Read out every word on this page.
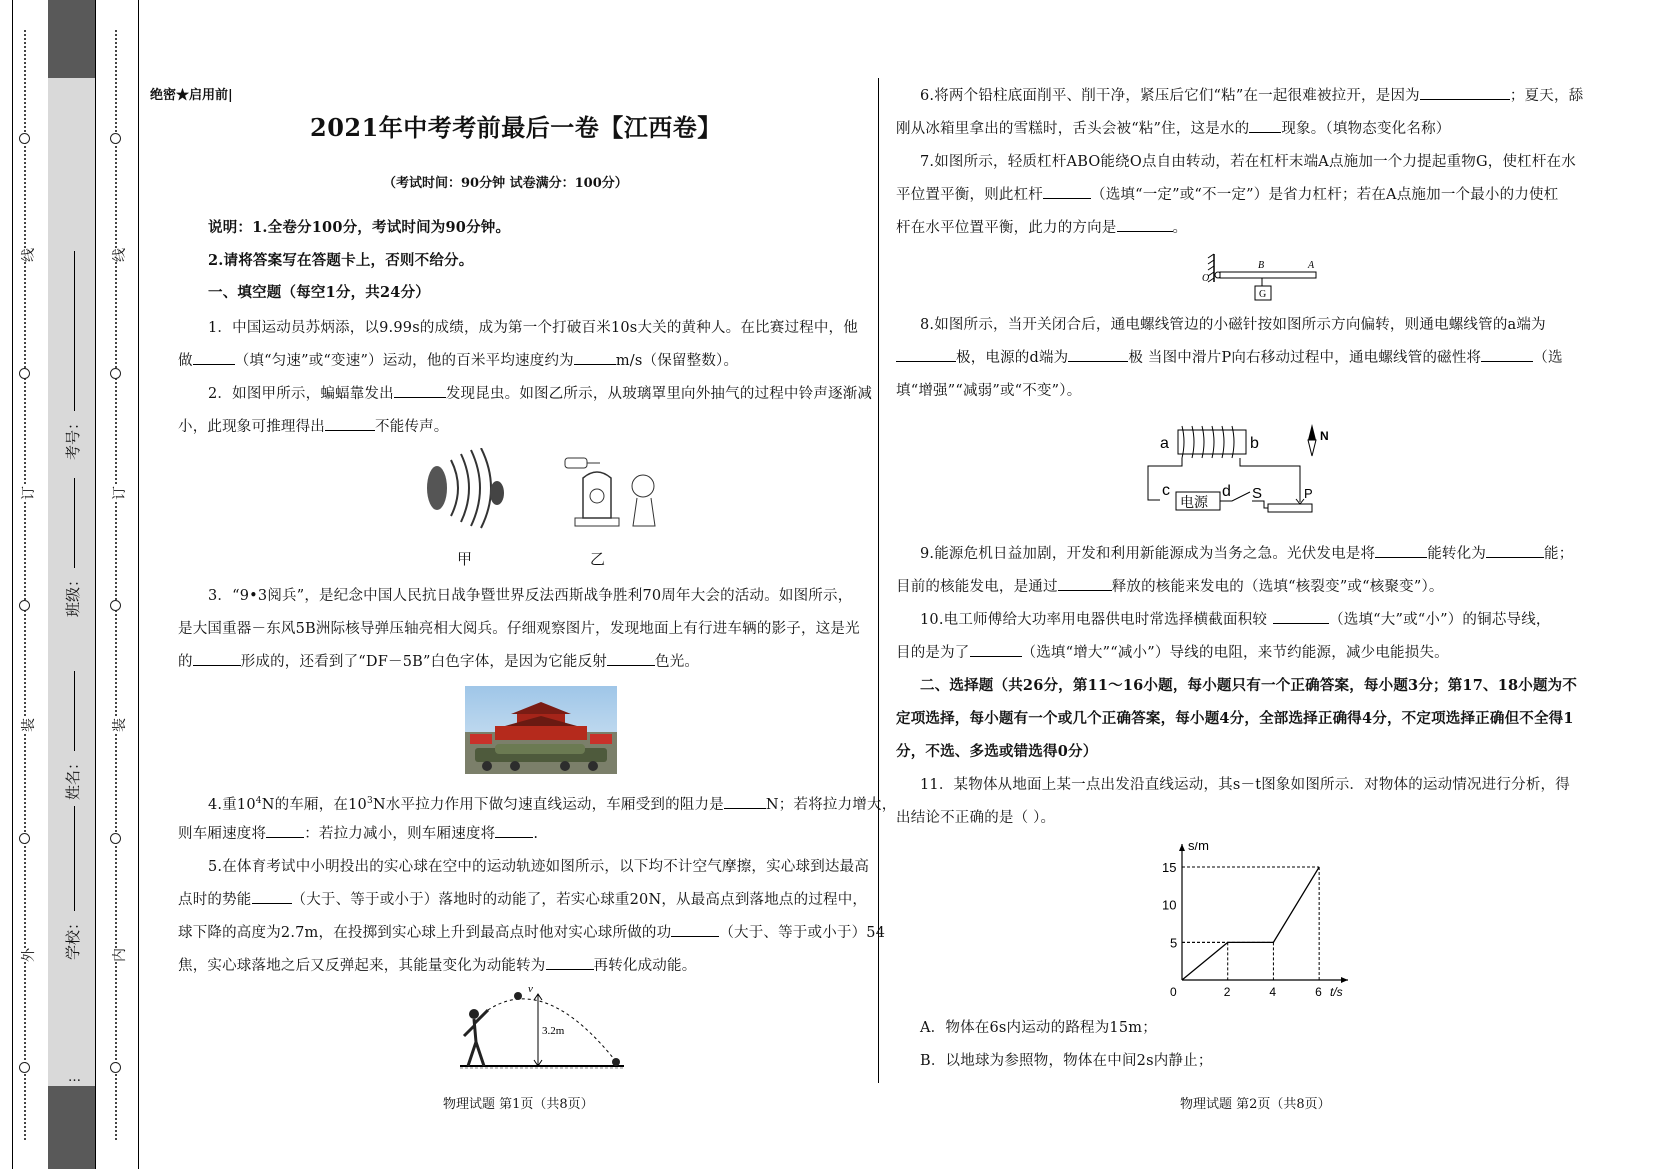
线
订
装
外
线
订
装
内
学校：
姓名：
班级：
考号：
…
绝密★启用前|
2021年中考考前最后一卷【江西卷】
（考试时间：90分钟 试卷满分：100分）
说明：1.全卷分100分，考试时间为90分钟。
2.请将答案写在答题卡上，否则不给分。
一、填空题（每空1分，共24分）
1．中国运动员苏炳添，以9.99s的成绩，成为第一个打破百米10s大关的黄种人。在比赛过程中，他
做	（填“匀速”或“变速”）运动，他的百米平均速度约为	m/s（保留整数）。
2．如图甲所示，蝙蝠靠发出	发现昆虫。如图乙所示，从玻璃罩里向外抽气的过程中铃声逐渐减
小，此现象可推理得出	不能传声。
甲	乙
3．“9•3阅兵”，是纪念中国人民抗日战争暨世界反法西斯战争胜利70周年大会的活动。如图所示，
是大国重器－东风5B洲际核导弹压轴亮相大阅兵。仔细观察图片，发现地面上有行进车辆的影子，这是光
的	形成的，还看到了“DF－5B”白色字体，是因为它能反射	色光。
4.重$10^4N$的车厢，在$10^3N$水平拉力作用下做匀速直线运动，车厢受到的阻力是	N；若将拉力增大，
则车厢速度将	：若拉力减小，则车厢速度将	.
5.在体育考试中小明投出的实心球在空中的运动轨迹如图所示，以下均不计空气摩擦，实心球到达最高
点时的势能	（大于、等于或小于）落地时的动能了，若实心球重20N，从最高点到落地点的过程中，
球下降的高度为2.7m，在投掷到实心球上升到最高点时他对实心球所做的功	（大于、等于或小于）54
焦，实心球落地之后又反弹起来，其能量变化为动能转为	再转化成动能。
v
3.2m
物理试题 第1页（共8页）
6.将两个铅柱底面削平、削干净，紧压后它们“粘”在一起很难被拉开，是因为	；夏天，舔
刚从冰箱里拿出的雪糕时，舌头会被“粘”住，这是水的 现象。（填物态变化名称）
7.如图所示，轻质杠杆ABO能绕O点自由转动，若在杠杆末端A点施加一个力提起重物G，使杠杆在水
平位置平衡，则此杠杆	（选填“一定”或“不一定”）是省力杠杆；若在A点施加一个最小的力使杠
杆在水平位置平衡，此力的方向是	。
O
B	A
G
8.如图所示，当开关闭合后，通电螺线管边的小磁针按如图所示方向偏转，则通电螺线管的a端为
极，电源的d端为	极 当图中滑片P向右移动过程中，通电螺线管的磁性将	（选
填“增强”“减弱”或“不变”）。
a	b
c	d S	P
N
电源
9.能源危机日益加剧，开发和利用新能源成为当务之急。光伏发电是将	能转化为	能；
目前的核能发电，是通过	释放的核能来发电的（选填“核裂变”或“核聚变”）。
10.电工师傅给大功率用电器供电时常选择横截面积较	（选填“大”或“小”）的铜芯导线，
目的是为了	（选填“增大”“减小”）导线的电阻，来节约能源，减少电能损失。
二、选择题（共26分，第11～16小题，每小题只有一个正确答案，每小题3分；第17、18小题为不
定项选择，每小题有一个或几个正确答案，每小题4分，全部选择正确得4分，不定项选择正确但不全得1
分，不选、多选或错选得0分）
11．某物体从地面上某一点出发沿直线运动，其s－t图象如图所示．对物体的运动情况进行分析，得
出结论不正确的是（ ）。
0	2	4	6
5
10
15
s/m
t/s
A．物体在6s内运动的路程为15m；
B．以地球为参照物，物体在中间2s内静止；
物理试题 第2页（共8页）
